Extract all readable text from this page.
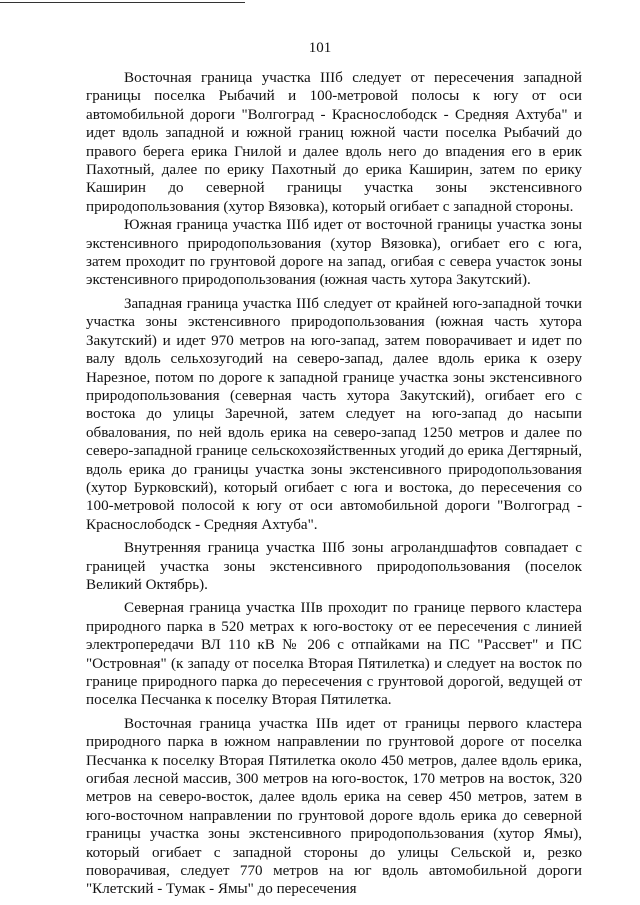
101

Восточная граница участка IIIб следует от пересечения западной границы поселка Рыбачий и 100-метровой полосы к югу от оси автомобильной дороги "Волгоград - Краснослободск - Средняя Ахтуба" и идет вдоль западной и южной границ южной части поселка Рыбачий до правого берега ерика Гнилой и далее вдоль него до впадения его в ерик Пахотный, далее по ерику Пахотный до ерика Каширин, затем по ерику Каширин до северной границы участка зоны экстенсивного природопользования (хутор Вязовка), который огибает с западной стороны.

Южная граница участка IIIб идет от восточной границы участка зоны экстенсивного природопользования (хутор Вязовка), огибает его с юга, затем проходит по грунтовой дороге на запад, огибая с севера участок зоны экстенсивного природопользования (южная часть хутора Закутский).

Западная граница участка IIIб следует от крайней юго-западной точки участка зоны экстенсивного природопользования (южная часть хутора Закутский) и идет 970 метров на юго-запад, затем поворачивает и идет по валу вдоль сельхозугодий на северо-запад, далее вдоль ерика к озеру Нарезное, потом по дороге к западной границе участка зоны экстенсивного природопользования (северная часть хутора Закутский), огибает его с востока до улицы Заречной, затем следует на юго-запад до насыпи обвалования, по ней вдоль ерика на северо-запад 1250 метров и далее по северо-западной границе сельскохозяйственных угодий до ерика Дегтярный, вдоль ерика до границы участка зоны экстенсивного природопользования (хутор Бурковский), который огибает с юга и востока, до пересечения со 100-метровой полосой к югу от оси автомобильной дороги "Волгоград - Краснослободск - Средняя Ахтуба".

Внутренняя граница участка IIIб зоны агроландшафтов совпадает с границей участка зоны экстенсивного природопользования (поселок Великий Октябрь).

Северная граница участка IIIв проходит по границе первого кластера природного парка в 520 метрах к юго-востоку от ее пересечения с линией электропередачи ВЛ 110 кВ № 206 с отпайками на ПС "Рассвет" и ПС "Островная" (к западу от поселка Вторая Пятилетка) и следует на восток по границе природного парка до пересечения с грунтовой дорогой, ведущей от поселка Песчанка к поселку Вторая Пятилетка.

Восточная граница участка IIIв идет от границы первого кластера природного парка в южном направлении по грунтовой дороге от поселка Песчанка к поселку Вторая Пятилетка около 450 метров, далее вдоль ерика, огибая лесной массив, 300 метров на юго-восток, 170 метров на восток, 320 метров на северо-восток, далее вдоль ерика на север 450 метров, затем в юго-восточном направлении по грунтовой дороге вдоль ерика до северной границы участка зоны экстенсивного природопользования (хутор Ямы), который огибает с западной стороны до улицы Сельской и, резко поворачивая, следует 770 метров на юг вдоль автомобильной дороги "Клетский - Тумак - Ямы" до пересечения
